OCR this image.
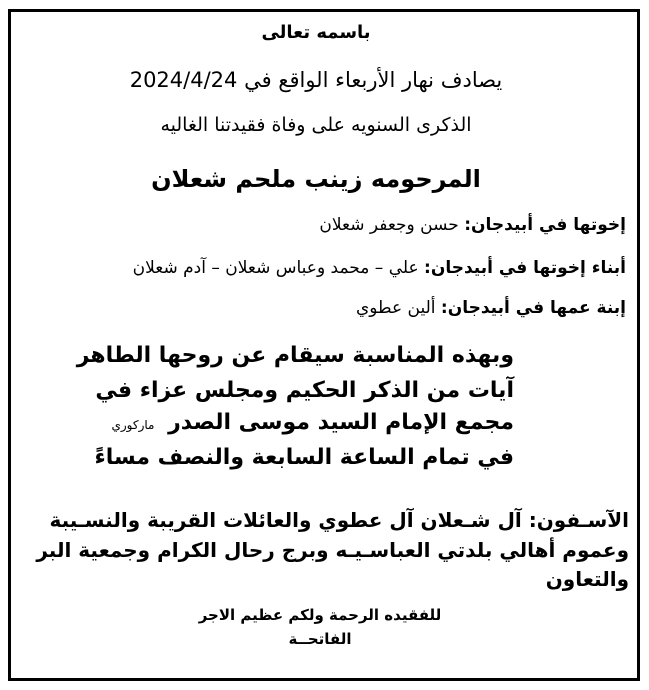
باسمه تعالى
يصادف نهار الأربعاء الواقع في 2024/4/24
الذكرى السنويه على وفاة فقيدتنا الغاليه
المرحومه زينب ملحم شعلان
إخوتها في أبيدجان: حسن وجعفر شعلان
أبناء إخوتها في أبيدجان: علي – محمد وعباس شعلان – آدم شعلان
إبنة عمها في أبيدجان: ألين عطوي
وبهذه المناسبة سيقام عن روحها الطاهر
آيات من الذكر الحكيم ومجلس عزاء في
مجمع الإمام السيد موسى الصدر ماركوري
في تمام الساعة السابعة والنصف مساءً
الآسـفون: آل شـعلان آل عطوي والعائلات القريبة والنسـيبة
وعموم أهالي بلدتي العباسـيـه وبرج رحال الكرام وجمعية البر
والتعاون
للفقيده الرحمة ولكم عظيم الاجر
الفاتحــة
